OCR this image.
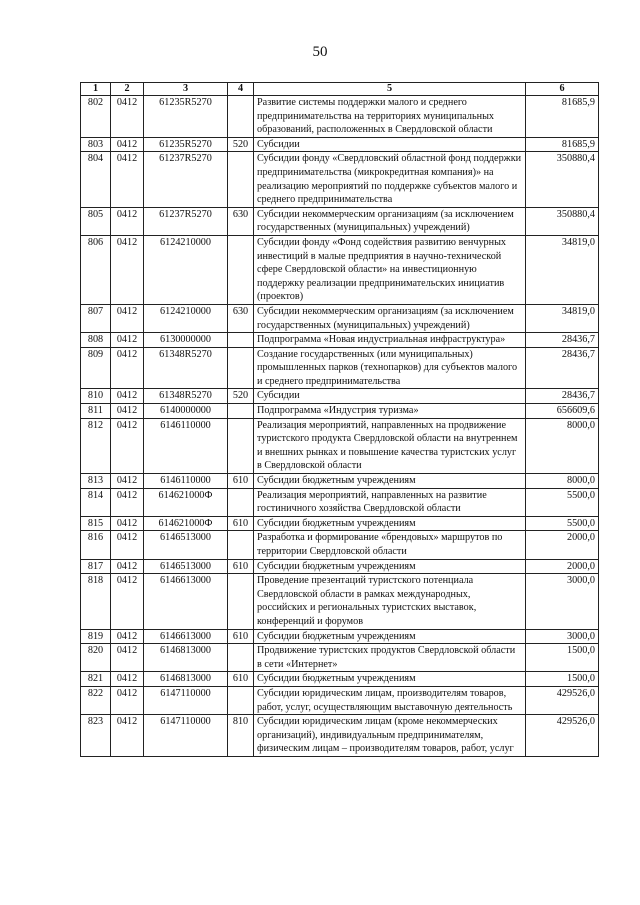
50
1	2	3	4	5	6
802	0412	61235R5270		Развитие системы поддержки малого и среднего предпринимательства на территориях муниципальных образований, расположенных в Свердловской области	81685,9
803	0412	61235R5270	520	Субсидии	81685,9
804	0412	61237R5270		Субсидии фонду «Свердловский областной фонд поддержки предпринимательства (микрокредитная компания)» на реализацию мероприятий по поддержке субъектов малого и среднего предпринимательства	350880,4
805	0412	61237R5270	630	Субсидии некоммерческим организациям (за исключением государственных (муниципальных) учреждений)	350880,4
806	0412	6124210000		Субсидии фонду «Фонд содействия развитию венчурных инвестиций в малые предприятия в научно-технической сфере Свердловской области» на инвестиционную поддержку реализации предпринимательских инициатив (проектов)	34819,0
807	0412	6124210000	630	Субсидии некоммерческим организациям (за исключением государственных (муниципальных) учреждений)	34819,0
808	0412	6130000000		Подпрограмма «Новая индустриальная инфраструктура»	28436,7
809	0412	61348R5270		Создание государственных (или муниципальных) промышленных парков (технопарков) для субъектов малого и среднего предпринимательства	28436,7
810	0412	61348R5270	520	Субсидии	28436,7
811	0412	6140000000		Подпрограмма «Индустрия туризма»	656609,6
812	0412	6146110000		Реализация мероприятий, направленных на продвижение туристского продукта Свердловской области на внутреннем и внешних рынках и повышение качества туристских услуг в Свердловской области	8000,0
813	0412	6146110000	610	Субсидии бюджетным учреждениям	8000,0
814	0412	614621000Ф		Реализация мероприятий, направленных на развитие гостиничного хозяйства Свердловской области	5500,0
815	0412	614621000Ф	610	Субсидии бюджетным учреждениям	5500,0
816	0412	6146513000		Разработка и формирование «брендовых» маршрутов по территории Свердловской области	2000,0
817	0412	6146513000	610	Субсидии бюджетным учреждениям	2000,0
818	0412	6146613000		Проведение презентаций туристского потенциала Свердловской области в рамках международных, российских и региональных туристских выставок, конференций и форумов	3000,0
819	0412	6146613000	610	Субсидии бюджетным учреждениям	3000,0
820	0412	6146813000		Продвижение туристских продуктов Свердловской области в сети «Интернет»	1500,0
821	0412	6146813000	610	Субсидии бюджетным учреждениям	1500,0
822	0412	6147110000		Субсидии юридическим лицам, производителям товаров, работ, услуг, осуществляющим выставочную деятельность	429526,0
823	0412	6147110000	810	Субсидии юридическим лицам (кроме некоммерческих организаций), индивидуальным предпринимателям, физическим лицам – производителям товаров, работ, услуг	429526,0
